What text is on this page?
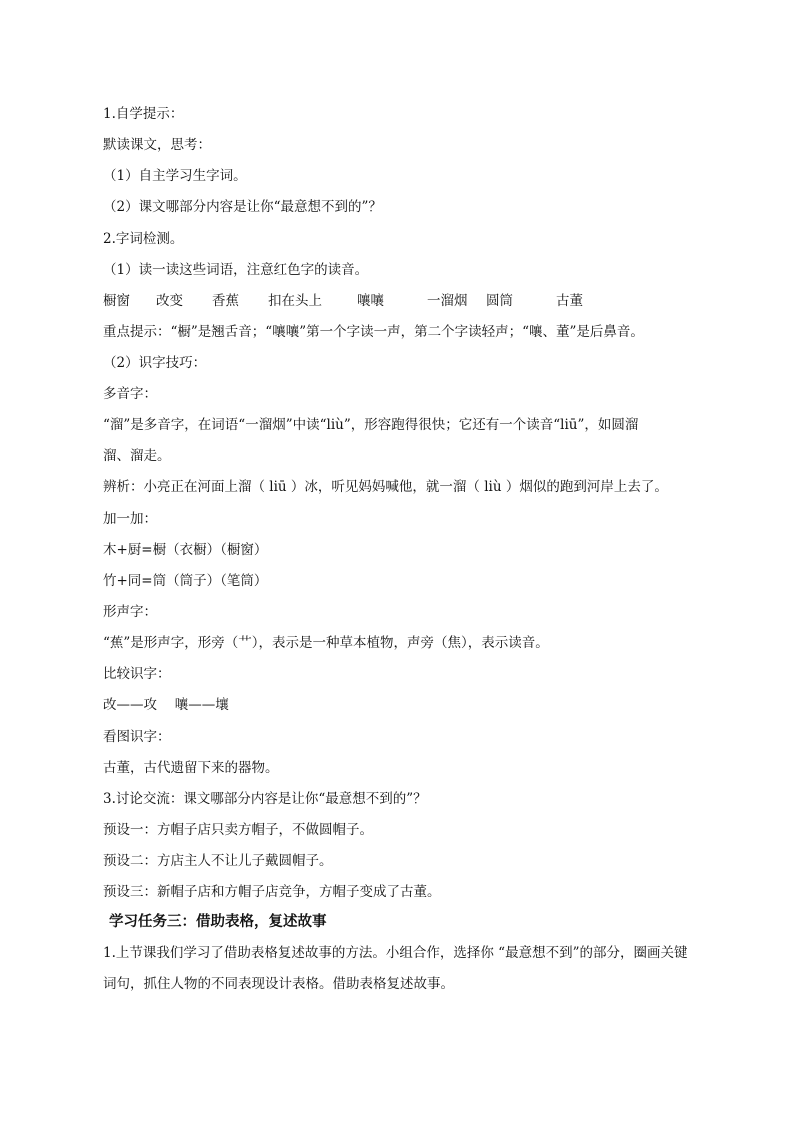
1.自学提示：
默读课文，思考：
（1）自主学习生字词。
（2）课文哪部分内容是让你“最意想不到的”？
2.字词检测。
（1）读一读这些词语，注意红色字的读音。
橱窗 改变 香蕉 扣在头上	嚷嚷	一溜烟 圆筒	古董
重点提示：“橱”是翘舌音；“嚷嚷”第一个字读一声，第二个字读轻声；“嚷、董”是后鼻音。
（2）识字技巧：
多音字：
“溜”是多音字，在词语“一溜烟”中读“liù”，形容跑得很快；它还有一个读音“liū”，如圆溜
溜、溜走。
辨析：小亮正在河面上溜（ liū ）冰，听见妈妈喊他，就一溜（ liù ）烟似的跑到河岸上去了。
加一加：
木+厨=橱（衣橱）（橱窗）
竹+同=筒（筒子）（笔筒）
形声字：
“蕉”是形声字，形旁（艹），表示是一种草本植物，声旁（焦），表示读音。
比较识字：
改——攻　 嚷——壤
看图识字：
古董，古代遗留下来的器物。
3.讨论交流：课文哪部分内容是让你“最意想不到的”？
预设一：方帽子店只卖方帽子，不做圆帽子。
预设二：方店主人不让儿子戴圆帽子。
预设三：新帽子店和方帽子店竞争，方帽子变成了古董。
学习任务三：借助表格，复述故事
1.上节课我们学习了借助表格复述故事的方法。小组合作，选择你 “最意想不到”的部分，圈画关键
词句，抓住人物的不同表现设计表格。借助表格复述故事。
